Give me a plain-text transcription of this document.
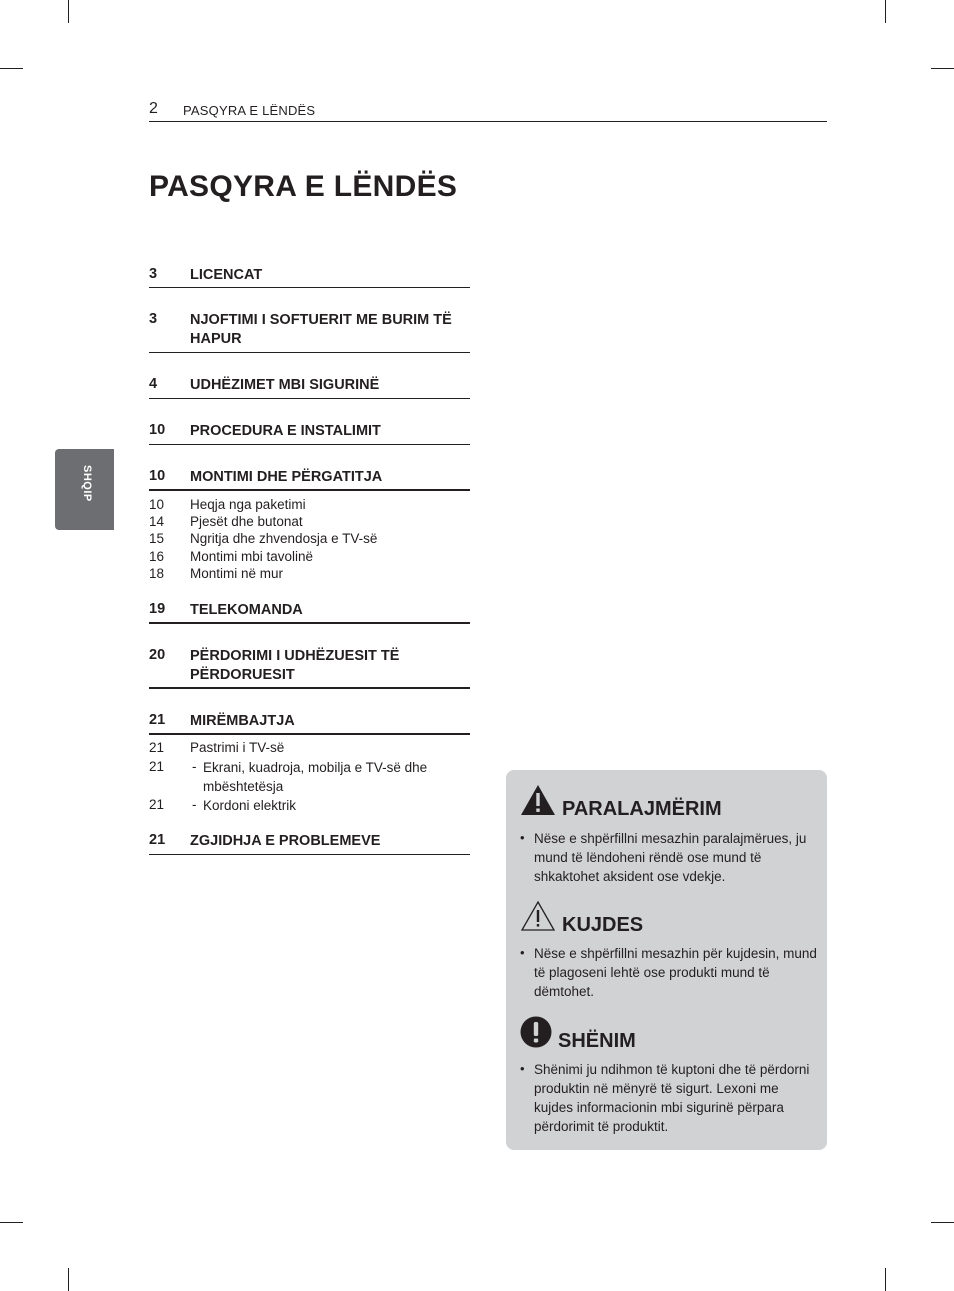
2 PASQYRA E LËNDËS
PASQYRA E LËNDËS
SHQIP
3 LICENCAT
3 NJOFTIMI I SOFTUERIT ME BURIM TË HAPUR
4 UDHËZIMET MBI SIGURINË
10 PROCEDURA E INSTALIMIT
10 MONTIMI DHE PËRGATITJA
10 Heqja nga paketimi
14 Pjesët dhe butonat
15 Ngritja dhe zhvendosja e TV-së
16 Montimi mbi tavolinë
18 Montimi në mur
19 TELEKOMANDA
20 PËRDORIMI I UDHËZUESIT TË PËRDORUESIT
21 MIRËMBAJTJA
21 Pastrimi i TV-së
21 - Ekrani, kuadroja, mobilja e TV-së dhe mbështetësja
21 - Kordoni elektrik
21 ZGJIDHJA E PROBLEMEVE
PARALAJMËRIM
• Nëse e shpërfillni mesazhin paralajmërues, ju mund të lëndoheni rëndë ose mund të shkaktohet aksident ose vdekje.
KUJDES
• Nëse e shpërfillni mesazhin për kujdesin, mund të plagoseni lehtë ose produkti mund të dëmtohet.
SHËNIM
• Shënimi ju ndihmon të kuptoni dhe të përdorni produktin në mënyrë të sigurt. Lexoni me kujdes informacionin mbi sigurinë përpara përdorimit të produktit.
